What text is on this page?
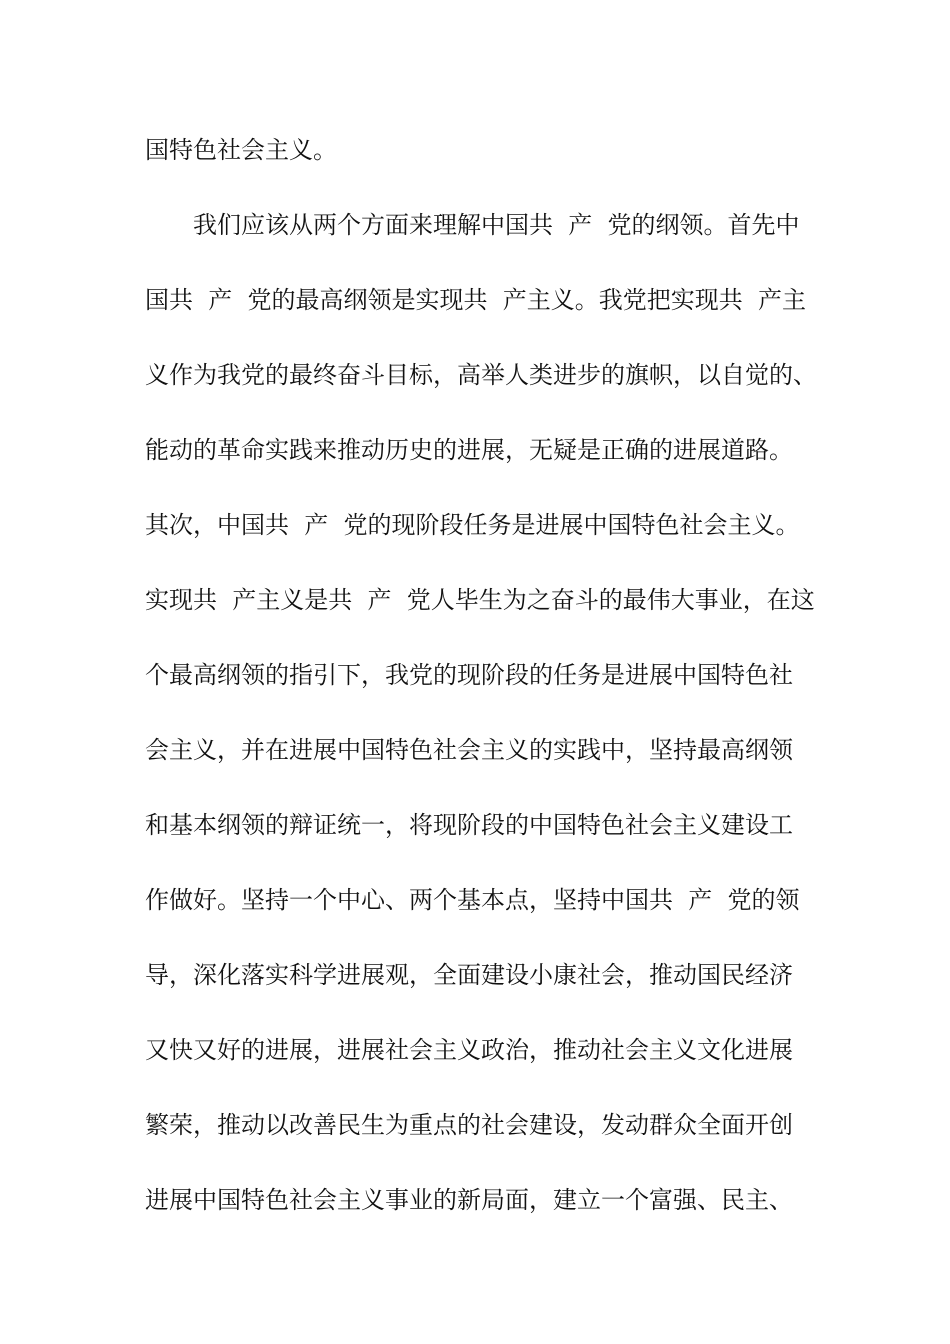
国特色社会主义。
我们应该从两个方面来理解中国共  产  党的纲领。首先中
国共  产  党的最高纲领是实现共  产主义。我党把实现共  产主
义作为我党的最终奋斗目标，高举人类进步的旗帜，以自觉的、
能动的革命实践来推动历史的进展，无疑是正确的进展道路。
其次，中国共  产  党的现阶段任务是进展中国特色社会主义。
实现共  产主义是共  产  党人毕生为之奋斗的最伟大事业，在这
个最高纲领的指引下，我党的现阶段的任务是进展中国特色社
会主义，并在进展中国特色社会主义的实践中，坚持最高纲领
和基本纲领的辩证统一，将现阶段的中国特色社会主义建设工
作做好。坚持一个中心、两个基本点，坚持中国共  产  党的领
导，深化落实科学进展观，全面建设小康社会，推动国民经济
又快又好的进展，进展社会主义政治，推动社会主义文化进展
繁荣，推动以改善民生为重点的社会建设，发动群众全面开创
进展中国特色社会主义事业的新局面，建立一个富强、民主、
